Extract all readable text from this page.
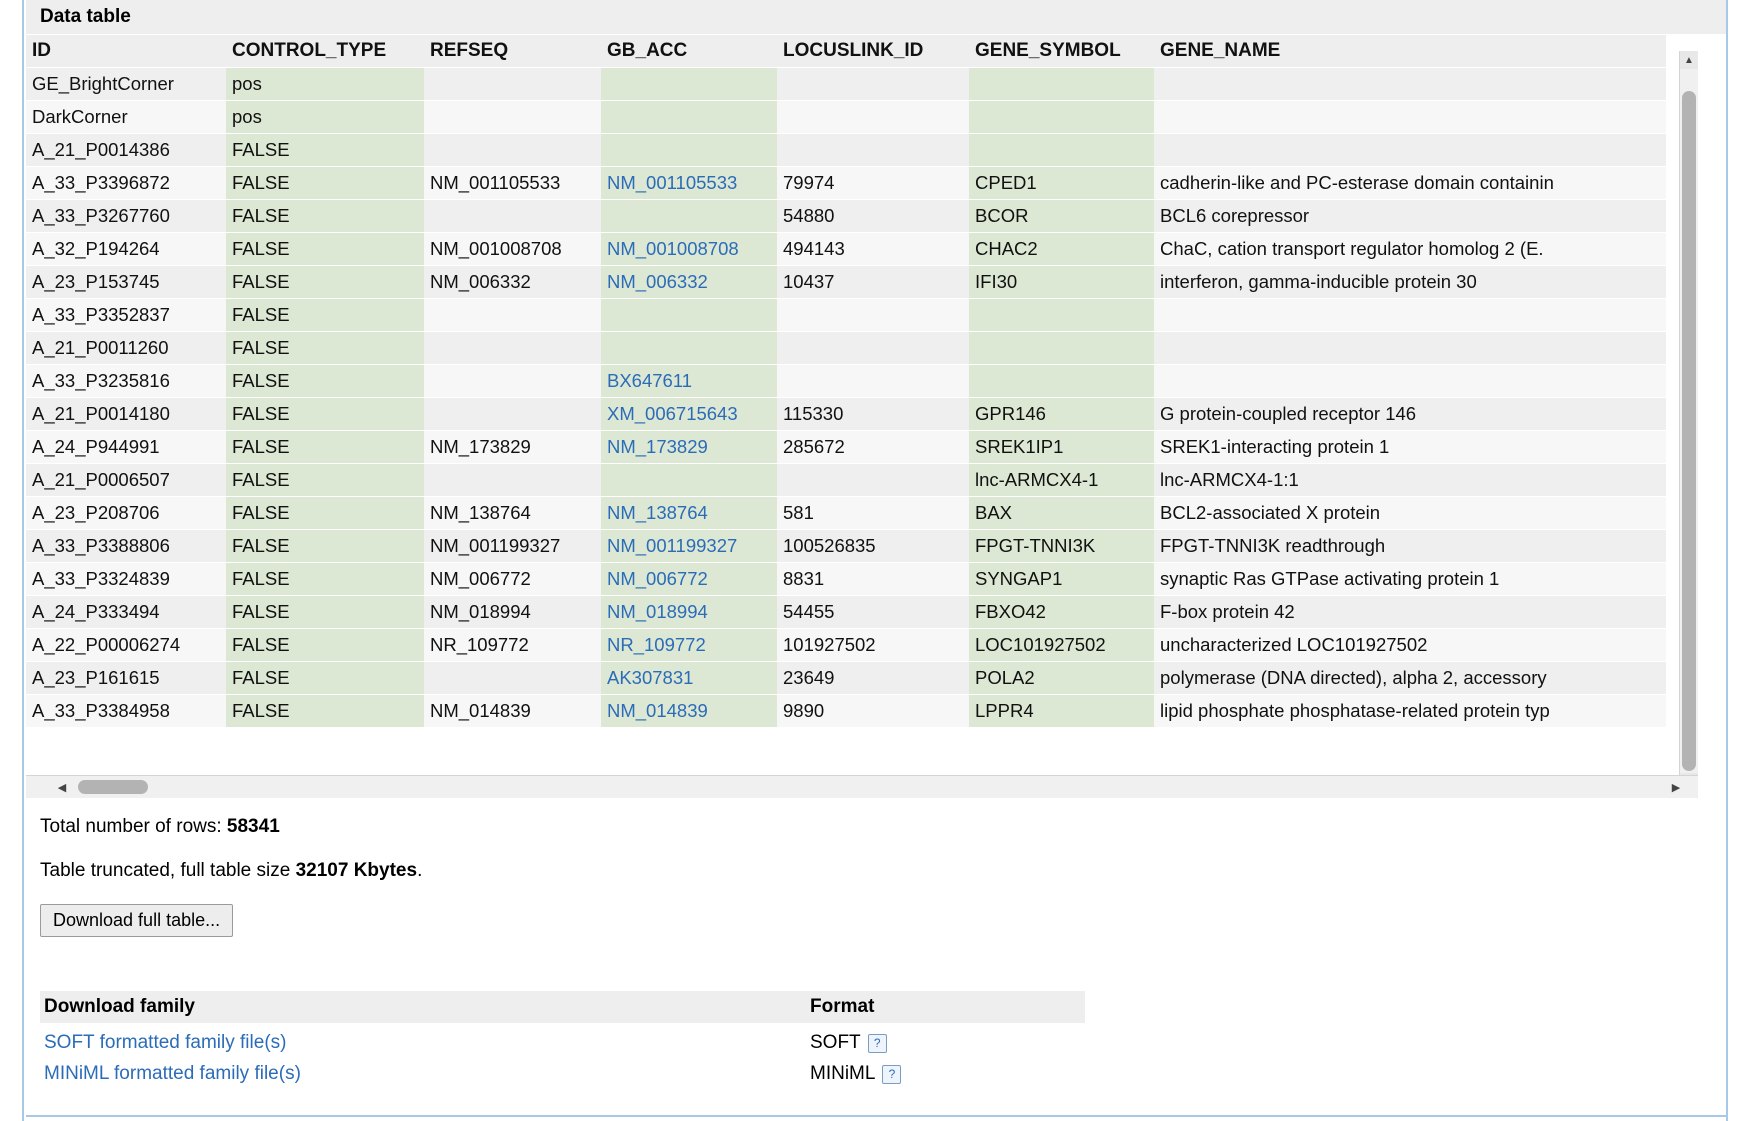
Data table
ID	CONTROL_TYPE	REFSEQ	GB_ACC	LOCUSLINK_ID	GENE_SYMBOL	GENE_NAME
GE_BrightCorner	pos					
DarkCorner	pos					
A_21_P0014386	FALSE					
A_33_P3396872	FALSE	NM_001105533	NM_001105533	79974	CPED1	cadherin-like and PC-esterase domain containin
A_33_P3267760	FALSE			54880	BCOR	BCL6 corepressor
A_32_P194264	FALSE	NM_001008708	NM_001008708	494143	CHAC2	ChaC, cation transport regulator homolog 2 (E.
A_23_P153745	FALSE	NM_006332	NM_006332	10437	IFI30	interferon, gamma-inducible protein 30
A_33_P3352837	FALSE					
A_21_P0011260	FALSE					
A_33_P3235816	FALSE		BX647611			
A_21_P0014180	FALSE		XM_006715643	115330	GPR146	G protein-coupled receptor 146
A_24_P944991	FALSE	NM_173829	NM_173829	285672	SREK1IP1	SREK1-interacting protein 1
A_21_P0006507	FALSE				lnc-ARMCX4-1	lnc-ARMCX4-1:1
A_23_P208706	FALSE	NM_138764	NM_138764	581	BAX	BCL2-associated X protein
A_33_P3388806	FALSE	NM_001199327	NM_001199327	100526835	FPGT-TNNI3K	FPGT-TNNI3K readthrough
A_33_P3324839	FALSE	NM_006772	NM_006772	8831	SYNGAP1	synaptic Ras GTPase activating protein 1
A_24_P333494	FALSE	NM_018994	NM_018994	54455	FBXO42	F-box protein 42
A_22_P00006274	FALSE	NR_109772	NR_109772	101927502	LOC101927502	uncharacterized LOC101927502
A_23_P161615	FALSE		AK307831	23649	POLA2	polymerase (DNA directed), alpha 2, accessory
A_33_P3384958	FALSE	NM_014839	NM_014839	9890	LPPR4	lipid phosphate phosphatase-related protein typ
▲
◀	▶

Total number of rows: 58341

Table truncated, full table size 32107 Kbytes.

Download full table...
Download family	Format
SOFT formatted family file(s)	SOFT	?
MINiML formatted family file(s)	MINiML	?
